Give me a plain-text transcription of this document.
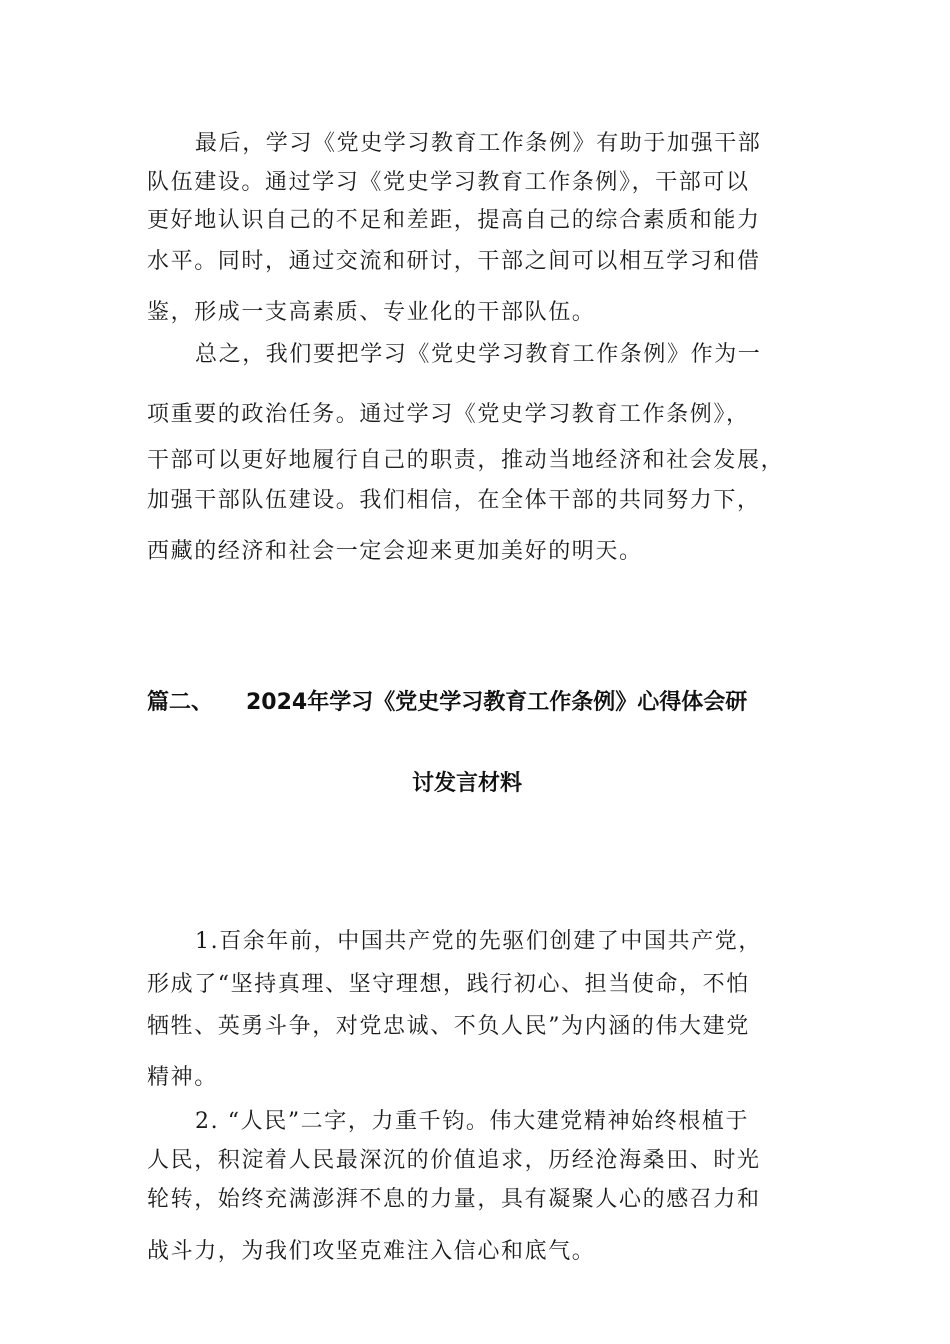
最后，学习《党史学习教育工作条例》有助于加强干部
队伍建设。通过学习《党史学习教育工作条例》，干部可以
更好地认识自己的不足和差距，提高自己的综合素质和能力
水平。同时，通过交流和研讨，干部之间可以相互学习和借
鉴，形成一支高素质、专业化的干部队伍。
总之，我们要把学习《党史学习教育工作条例》作为一
项重要的政治任务。通过学习《党史学习教育工作条例》，
干部可以更好地履行自己的职责，推动当地经济和社会发展，
加强干部队伍建设。我们相信，在全体干部的共同努力下，
西藏的经济和社会一定会迎来更加美好的明天。
篇二、 2024年学习《党史学习教育工作条例》心得体会研
讨发言材料
1.百余年前，中国共产党的先驱们创建了中国共产党，
形成了“坚持真理、坚守理想，践行初心、担当使命，不怕
牺牲、英勇斗争，对党忠诚、不负人民”为内涵的伟大建党
精神。
2. “人民”二字，力重千钧。伟大建党精神始终根植于
人民，积淀着人民最深沉的价值追求，历经沧海桑田、时光
轮转，始终充满澎湃不息的力量，具有凝聚人心的感召力和
战斗力，为我们攻坚克难注入信心和底气。
